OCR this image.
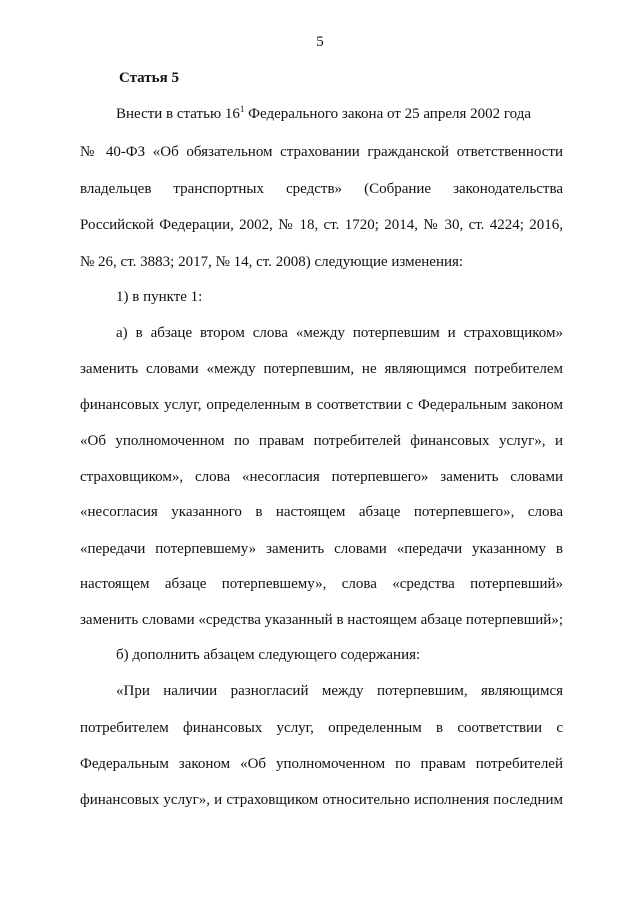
5
Статья 5
Внести в статью $16^1$ Федерального закона от 25 апреля 2002 года
№ 40-ФЗ «Об обязательном страховании гражданской ответственности
владельцев транспортных средств» (Собрание законодательства
Российской Федерации, 2002, № 18, ст. 1720; 2014, № 30, ст. 4224; 2016,
№ 26, ст. 3883; 2017, № 14, ст. 2008) следующие изменения:
1) в пункте 1:
а) в абзаце втором слова «между потерпевшим и страховщиком»
заменить словами «между потерпевшим, не являющимся потребителем
финансовых услуг, определенным в соответствии с Федеральным законом
«Об уполномоченном по правам потребителей финансовых услуг», и
страховщиком», слова «несогласия потерпевшего» заменить словами
«несогласия указанного в настоящем абзаце потерпевшего», слова
«передачи потерпевшему» заменить словами «передачи указанному в
настоящем абзаце потерпевшему», слова «средства потерпевший»
заменить словами «средства указанный в настоящем абзаце потерпевший»;
б) дополнить абзацем следующего содержания:
«При наличии разногласий между потерпевшим, являющимся
потребителем финансовых услуг, определенным в соответствии с
Федеральным законом «Об уполномоченном по правам потребителей
финансовых услуг», и страховщиком относительно исполнения последним
